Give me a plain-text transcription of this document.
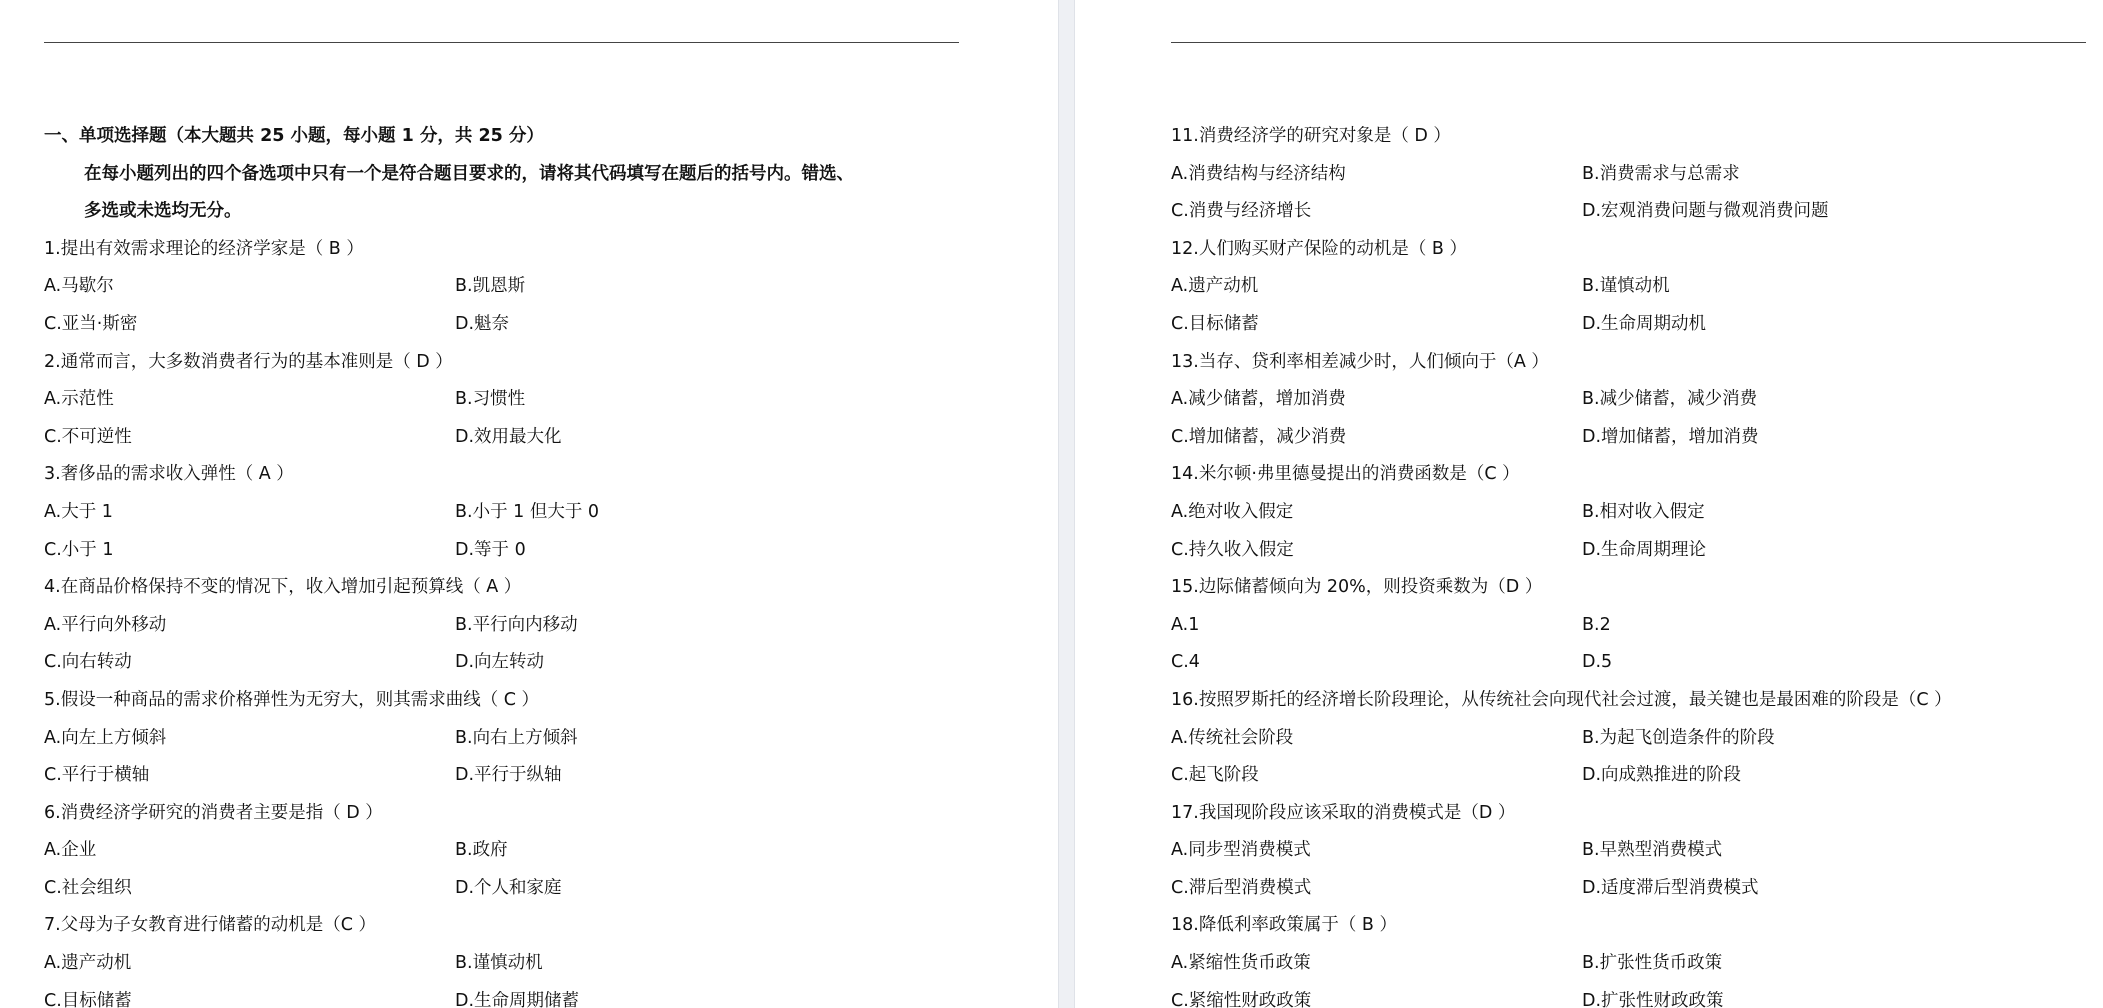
一、单项选择题（本大题共 25 小题，每小题 1 分，共 25 分）
在每小题列出的四个备选项中只有一个是符合题目要求的，请将其代码填写在题后的括号内。错选、
多选或未选均无分。
1.提出有效需求理论的经济学家是（ B ）
A.马歇尔	B.凯恩斯
C.亚当·斯密	D.魁奈
2.通常而言，大多数消费者行为的基本准则是（ D ）
A.示范性	B.习惯性
C.不可逆性	D.效用最大化
3.奢侈品的需求收入弹性（ A ）
A.大于 1	B.小于 1 但大于 0
C.小于 1	D.等于 0
4.在商品价格保持不变的情况下，收入增加引起预算线（ A ）
A.平行向外移动	B.平行向内移动
C.向右转动	D.向左转动
5.假设一种商品的需求价格弹性为无穷大，则其需求曲线（ C ）
A.向左上方倾斜	B.向右上方倾斜
C.平行于横轴	D.平行于纵轴
6.消费经济学研究的消费者主要是指（ D ）
A.企业	B.政府
C.社会组织	D.个人和家庭
7.父母为子女教育进行储蓄的动机是（C ）
A.遗产动机	B.谨慎动机
C.目标储蓄	D.生命周期储蓄
11.消费经济学的研究对象是（ D ）
A.消费结构与经济结构	B.消费需求与总需求
C.消费与经济增长	D.宏观消费问题与微观消费问题
12.人们购买财产保险的动机是（ B ）
A.遗产动机	B.谨慎动机
C.目标储蓄	D.生命周期动机
13.当存、贷利率相差减少时，人们倾向于（A ）
A.减少储蓄，增加消费	B.减少储蓄，减少消费
C.增加储蓄，减少消费	D.增加储蓄，增加消费
14.米尔顿·弗里德曼提出的消费函数是（C ）
A.绝对收入假定	B.相对收入假定
C.持久收入假定	D.生命周期理论
15.边际储蓄倾向为 20%，则投资乘数为（D ）
A.1	B.2
C.4	D.5
16.按照罗斯托的经济增长阶段理论，从传统社会向现代社会过渡，最关键也是最困难的阶段是（C ）
A.传统社会阶段	B.为起飞创造条件的阶段
C.起飞阶段	D.向成熟推进的阶段
17.我国现阶段应该采取的消费模式是（D ）
A.同步型消费模式	B.早熟型消费模式
C.滞后型消费模式	D.适度滞后型消费模式
18.降低利率政策属于（ B ）
A.紧缩性货币政策	B.扩张性货币政策
C.紧缩性财政政策	D.扩张性财政政策
